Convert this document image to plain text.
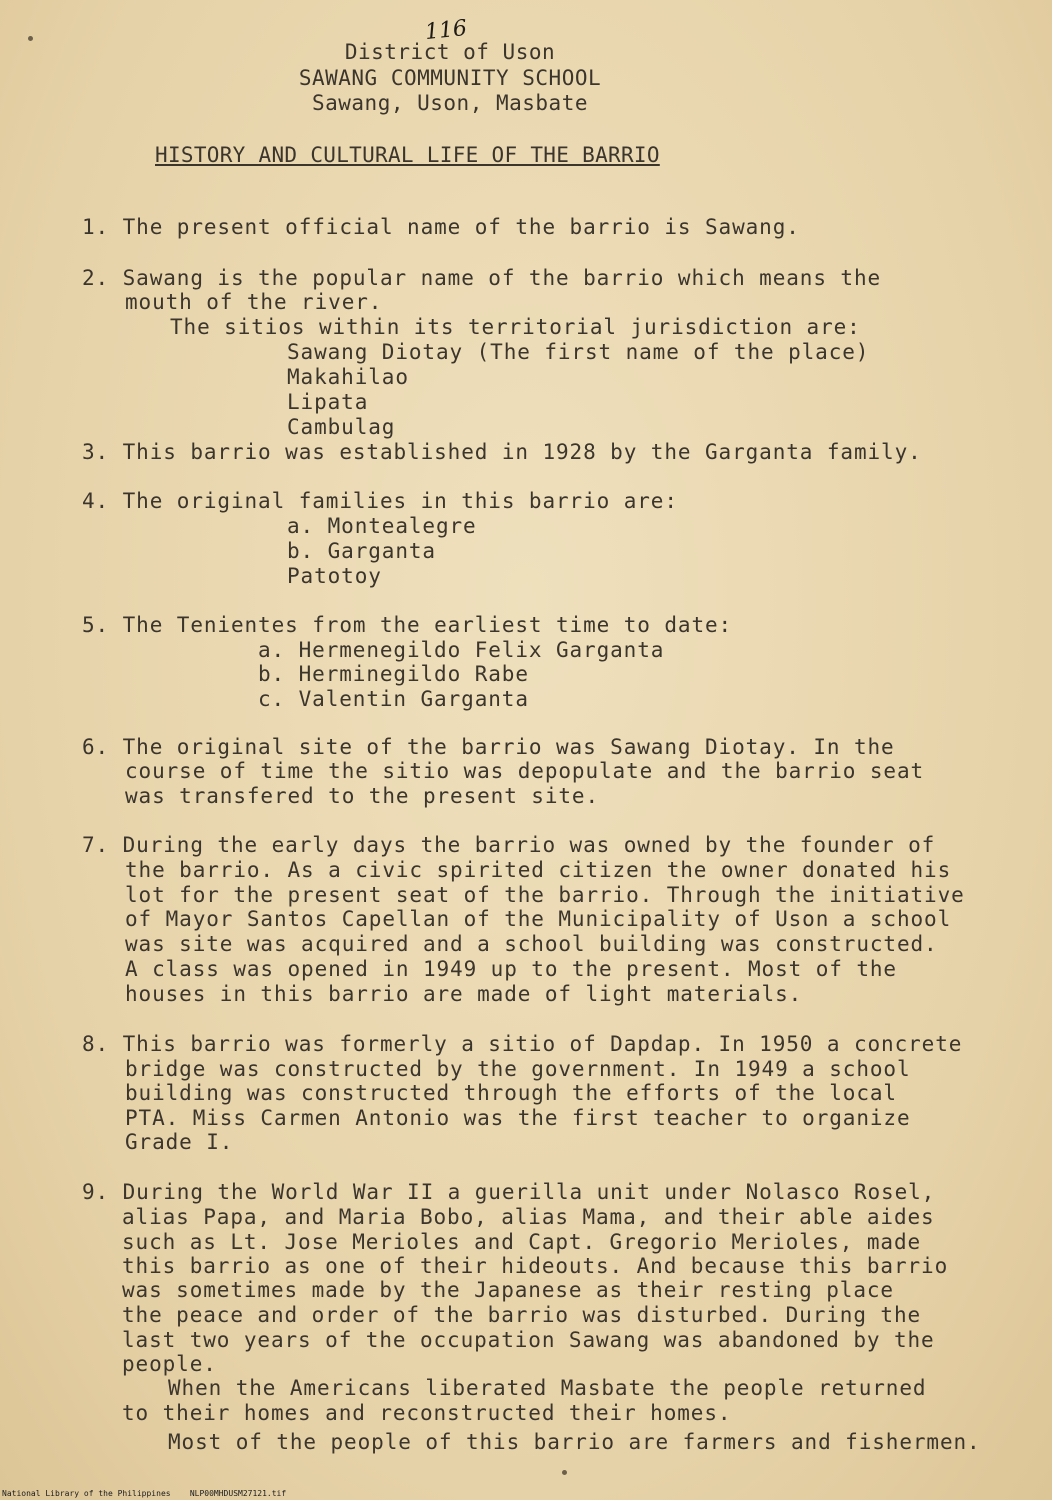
116
District of Uson
SAWANG COMMUNITY SCHOOL
Sawang, Uson, Masbate
HISTORY AND CULTURAL LIFE OF THE BARRIO
1. The present official name of the barrio is Sawang.
2. Sawang is the popular name of the barrio which means the
mouth of the river.
The sitios within its territorial jurisdiction are:
Sawang Diotay (The first name of the place)
Makahilao
Lipata
Cambulag
3. This barrio was established in 1928 by the Garganta family.
4. The original families in this barrio are:
a. Montealegre
b. Garganta
Patotoy
5. The Tenientes from the earliest time to date:
a. Hermenegildo Felix Garganta
b. Herminegildo Rabe
c. Valentin Garganta
6. The original site of the barrio was Sawang Diotay. In the
course of time the sitio was depopulate and the barrio seat
was transfered to the present site.
7. During the early days the barrio was owned by the founder of
the barrio. As a civic spirited citizen the owner donated his
lot for the present seat of the barrio. Through the initiative
of Mayor Santos Capellan of the Municipality of Uson a school
was site was acquired and a school building was constructed.
A class was opened in 1949 up to the present. Most of the
houses in this barrio are made of light materials.
8. This barrio was formerly a sitio of Dapdap. In 1950 a concrete
bridge was constructed by the government. In 1949 a school
building was constructed through the efforts of the local
PTA. Miss Carmen Antonio was the first teacher to organize
Grade I.
9. During the World War II a guerilla unit under Nolasco Rosel,
alias Papa, and Maria Bobo, alias Mama, and their able aides
such as Lt. Jose Merioles and Capt. Gregorio Merioles, made
this barrio as one of their hideouts. And because this barrio
was sometimes made by the Japanese as their resting place
the peace and order of the barrio was disturbed. During the
last two years of the occupation Sawang was abandoned by the
people.
When the Americans liberated Masbate the people returned
to their homes and reconstructed their homes.
Most of the people of this barrio are farmers and fishermen.
National Library of the Philippines NLP00MHDUSM27121.tif
